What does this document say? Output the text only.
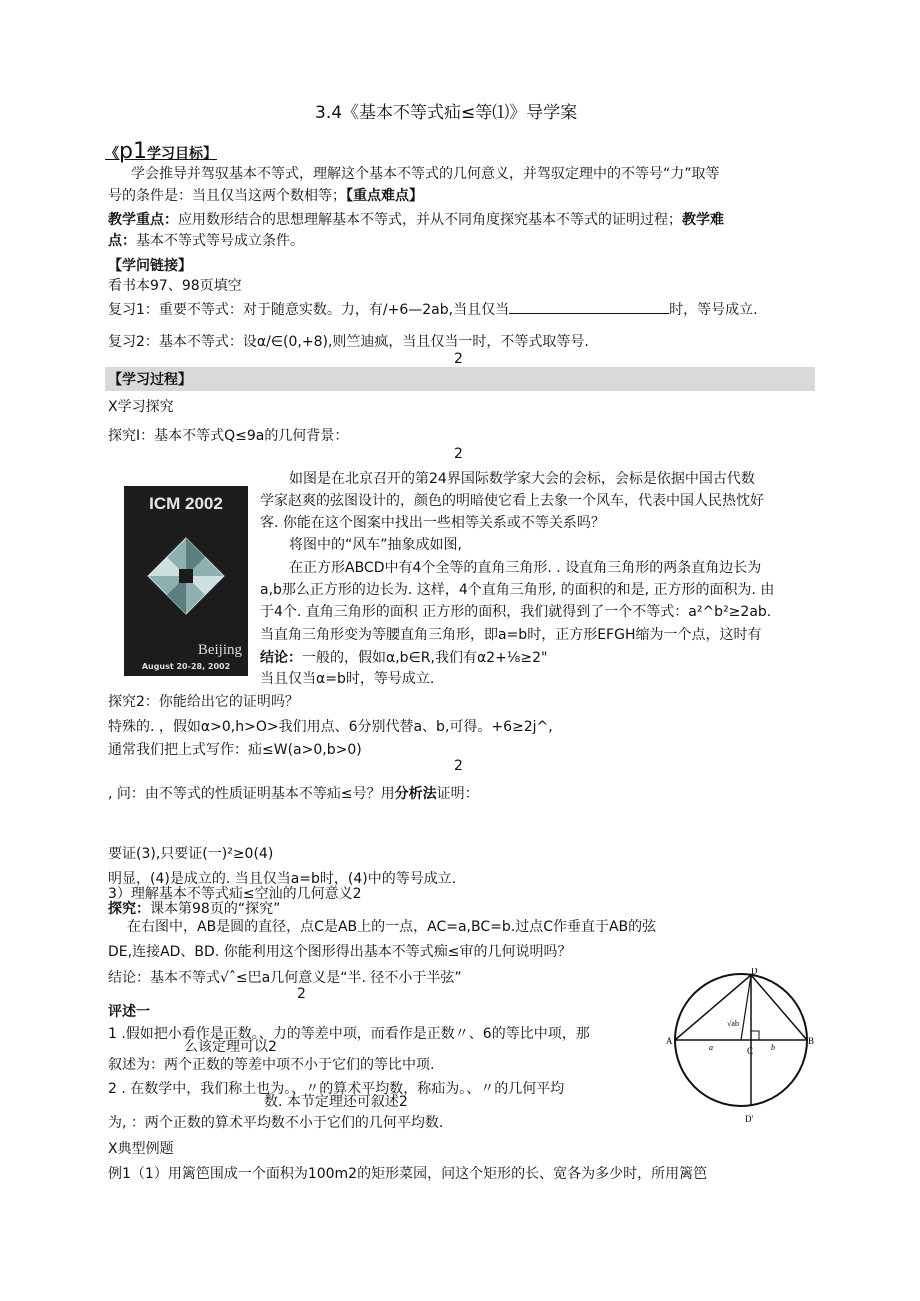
3.4《基本不等式疝≤等⑴》导学案
《p1学习目标】
学会推导并驾驭基本不等式，理解这个基本不等式的几何意义，并驾驭定理中的不等号“力”取等
号的条件是：当且仅当这两个数相等；【重点难点】
教学重点：应用数形结合的思想理解基本不等式，并从不同角度探究基本不等式的证明过程；教学难
点：基本不等式等号成立条件。
【学问链接】
看书本97、98页填空
复习1：重要不等式：对于随意实数。力，有/+6—2ab,当且仅当	时，等号成立.
复习2：基本不等式：设α/∈(0,+8),则竺迪疯，当且仅当一时，不等式取等号.
2
【学习过程】
X学习探究
探究I：基本不等式Q≤9a的几何背景：
2
ICM 2002
Beijing
August 20-28, 2002
如图是在北京召开的第24界国际数学家大会的会标，会标是依据中国古代数
学家赵爽的弦图设计的，颜色的明暗使它看上去象一个风车，代表中国人民热忱好
客. 你能在这个图案中找出一些相等关系或不等关系吗？
将图中的“风车”抽象成如图,
在正方形ABCD中有4个全等的直角三角形. . 设直角三角形的两条直角边长为
a,b那么正方形的边长为. 这样，4个直角三角形, 的面积的和是, 正方形的面积为. 由
于4个. 直角三角形的面积 正方形的面积，我们就得到了一个不等式：a²^b²≥2ab.
当直角三角形变为等腰直角三角形，即a=b时，正方形EFGH缩为一个点，这时有
结论：一般的，假如α,b∈R,我们有α2+⅛≥2"
当且仅当α=b时，等号成立.
探究2：你能给出它的证明吗？
特殊的. ，假如α>0,h>O>我们用点、6分别代替a、b,可得。+6≥2j^,
通常我们把上式写作：疝≤W(a>0,b>0)
2
, 问：由不等式的性质证明基本不等疝≤号？用分析法证明：
要证(3),只要证(一)²≥0(4)
明显，(4)是成立的. 当且仅当a=b时，(4)中的等号成立.
3）理解基本不等式疝≤空汕的几何意义2
探究：课本第98页的“探究”
在右图中，AB是圆的直径，点C是AB上的一点，AC=a,BC=b.过点C作垂直于AB的弦
DE,连接AD、BD. 你能利用这个图形得出基本不等式痴≤审的几何说明吗？
结论：基本不等式√ˆ≤巴a几何意义是“半. 径不小于半弦”
2
评述一
1 .假如把小看作是正数。、力的等差中项，而看作是正数〃、6的等比中项，那
么该定理可以2
叙述为：两个正数的等差中项不小于它们的等比中项.
2 . 在数学中，我们称土也为。、〃的算术平均数，称疝为。、〃的几何平均
数. 本节定理还可叙述2
为, ：两个正数的算术平均数不小于它们的几何平均数.
X典型例题
例1（1）用篱笆围成一个面积为100m2的矩形菜园，问这个矩形的长、宽各为多少时，所用篱笆
A	B
C
D
D'
a	b
√ab
